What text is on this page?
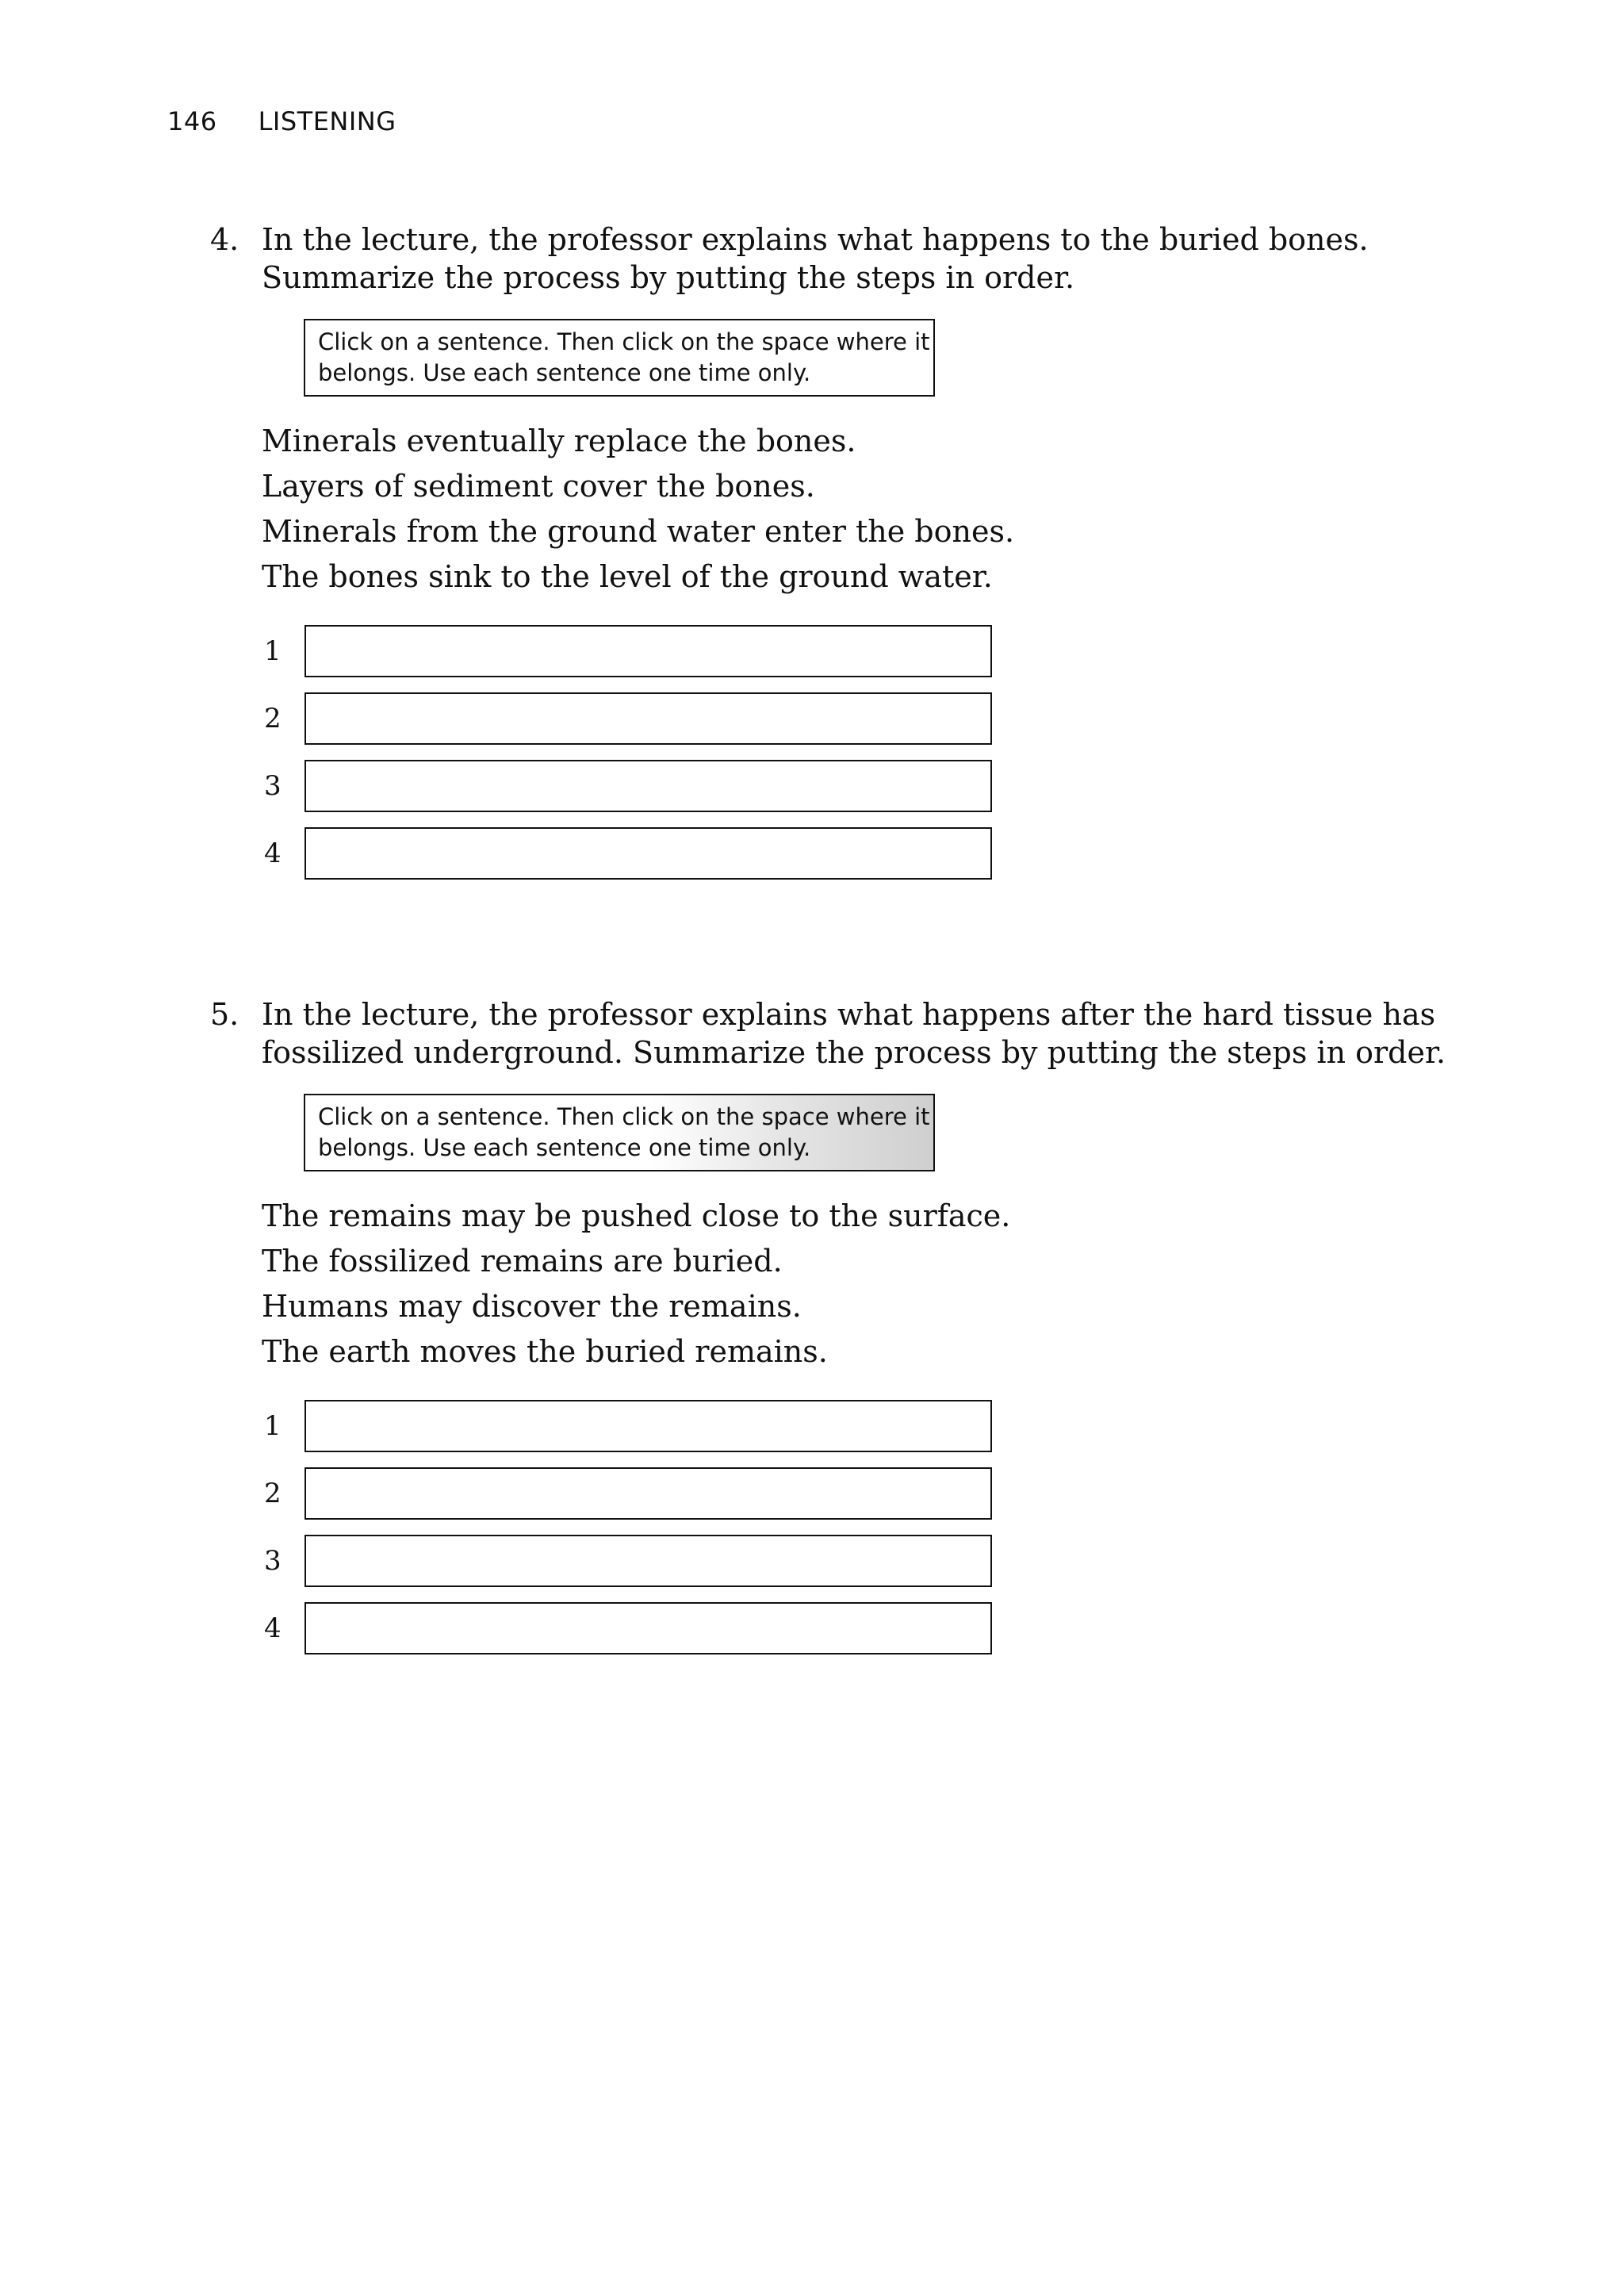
146 LISTENING
4. In the lecture, the professor explains what happens to the buried bones. Summarize the process by putting the steps in order.
Click on a sentence. Then click on the space where it belongs. Use each sentence one time only.
Minerals eventually replace the bones.
Layers of sediment cover the bones.
Minerals from the ground water enter the bones.
The bones sink to the level of the ground water.
1
2
3
4
5. In the lecture, the professor explains what happens after the hard tissue has fossilized underground. Summarize the process by putting the steps in order.
Click on a sentence. Then click on the space where it belongs. Use each sentence one time only.
The remains may be pushed close to the surface.
The fossilized remains are buried.
Humans may discover the remains.
The earth moves the buried remains.
1
2
3
4
